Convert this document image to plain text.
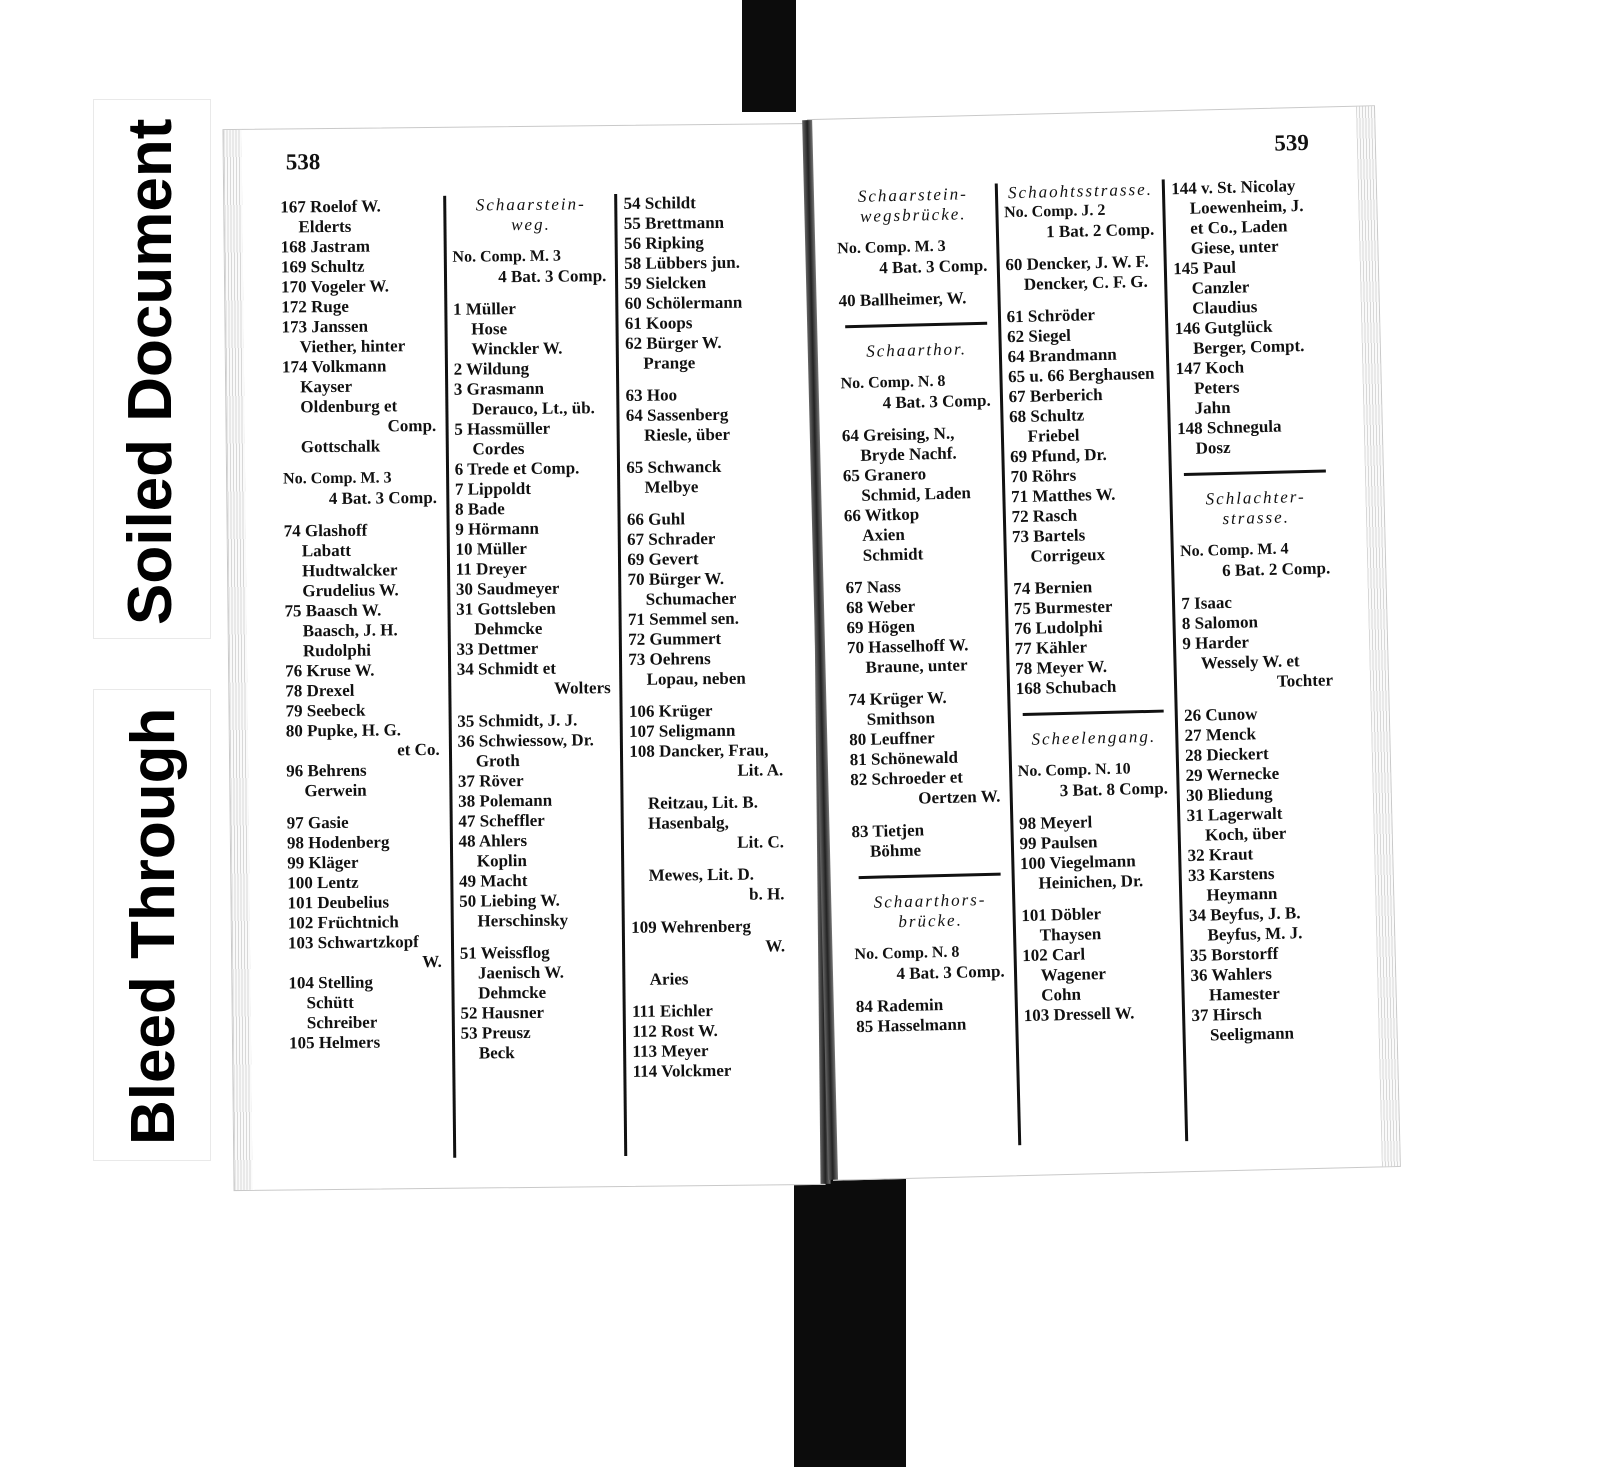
Soiled Document
Bleed Through
538
167 Roelof W.
Elderts
168 Jastram
169 Schultz
170 Vogeler W.
172 Ruge
173 Janssen
Viether, hinter
174 Volkmann
Kayser
Oldenburg et
Comp.
Gottschalk
No. Comp. M. 3
4 Bat. 3 Comp.
74 Glashoff
Labatt
Hudtwalcker
Grudelius W.
75 Baasch W.
Baasch, J. H.
Rudolphi
76 Kruse W.
78 Drexel
79 Seebeck
80 Pupke, H. G.
et Co.
96 Behrens
Gerwein
97 Gasie
98 Hodenberg
99 Kläger
100 Lentz
101 Deubelius
102 Früchtnich
103 Schwartzkopf
W.
104 Stelling
Schütt
Schreiber
105 Helmers
Schaarstein-
weg.
No. Comp. M. 3
4 Bat. 3 Comp.
1 Müller
Hose
Winckler W.
2 Wildung
3 Grasmann
Derauco, Lt., üb.
5 Hassmüller
Cordes
6 Trede et Comp.
7 Lippoldt
8 Bade
9 Hörmann
10 Müller
11 Dreyer
30 Saudmeyer
31 Gottsleben
Dehmcke
33 Dettmer
34 Schmidt et
Wolters
35 Schmidt, J. J.
36 Schwiessow, Dr.
Groth
37 Röver
38 Polemann
47 Scheffler
48 Ahlers
Koplin
49 Macht
50 Liebing W.
Herschinsky
51 Weissflog
Jaenisch W.
Dehmcke
52 Hausner
53 Preusz
Beck
54 Schildt
55 Brettmann
56 Ripking
58 Lübbers jun.
59 Sielcken
60 Schölermann
61 Koops
62 Bürger W.
Prange
63 Hoo
64 Sassenberg
Riesle, über
65 Schwanck
Melbye
66 Guhl
67 Schrader
69 Gevert
70 Bürger W.
Schumacher
71 Semmel sen.
72 Gummert
73 Oehrens
Lopau, neben
106 Krüger
107 Seligmann
108 Dancker, Frau,
Lit. A.
Reitzau, Lit. B.
Hasenbalg,
Lit. C.
Mewes, Lit. D.
b. H.
109 Wehrenberg
W.
Aries
111 Eichler
112 Rost W.
113 Meyer
114 Volckmer
539
Schaarstein-
wegsbrücke.
No. Comp. M. 3
4 Bat. 3 Comp.
40 Ballheimer, W.
Schaarthor.
No. Comp. N. 8
4 Bat. 3 Comp.
64 Greising, N.,
Bryde Nachf.
65 Granero
Schmid, Laden
66 Witkop
Axien
Schmidt
67 Nass
68 Weber
69 Högen
70 Hasselhoff W.
Braune, unter
74 Krüger W.
Smithson
80 Leuffner
81 Schönewald
82 Schroeder et
Oertzen W.
83 Tietjen
Böhme
Schaarthors-
brücke.
No. Comp. N. 8
4 Bat. 3 Comp.
84 Rademin
85 Hasselmann
Schaohtsstrasse.
No. Comp. J. 2
1 Bat. 2 Comp.
60 Dencker, J. W. F.
Dencker, C. F. G.
61 Schröder
62 Siegel
64 Brandmann
65 u. 66 Berghausen
67 Berberich
68 Schultz
Friebel
69 Pfund, Dr.
70 Röhrs
71 Matthes W.
72 Rasch
73 Bartels
Corrigeux
74 Bernien
75 Burmester
76 Ludolphi
77 Kähler
78 Meyer W.
168 Schubach
Scheelengang.
No. Comp. N. 10
3 Bat. 8 Comp.
98 Meyerl
99 Paulsen
100 Viegelmann
Heinichen, Dr.
101 Döbler
Thaysen
102 Carl
Wagener
Cohn
103 Dressell W.
144 v. St. Nicolay
Loewenheim, J.
et Co., Laden
Giese, unter
145 Paul
Canzler
Claudius
146 Gutglück
Berger, Compt.
147 Koch
Peters
Jahn
148 Schnegula
Dosz
Schlachter-
strasse.
No. Comp. M. 4
6 Bat. 2 Comp.
7 Isaac
8 Salomon
9 Harder
Wessely W. et
Tochter
26 Cunow
27 Menck
28 Dieckert
29 Wernecke
30 Bliedung
31 Lagerwalt
Koch, über
32 Kraut
33 Karstens
Heymann
34 Beyfus, J. B.
Beyfus, M. J.
35 Borstorff
36 Wahlers
Hamester
37 Hirsch
Seeligmann
